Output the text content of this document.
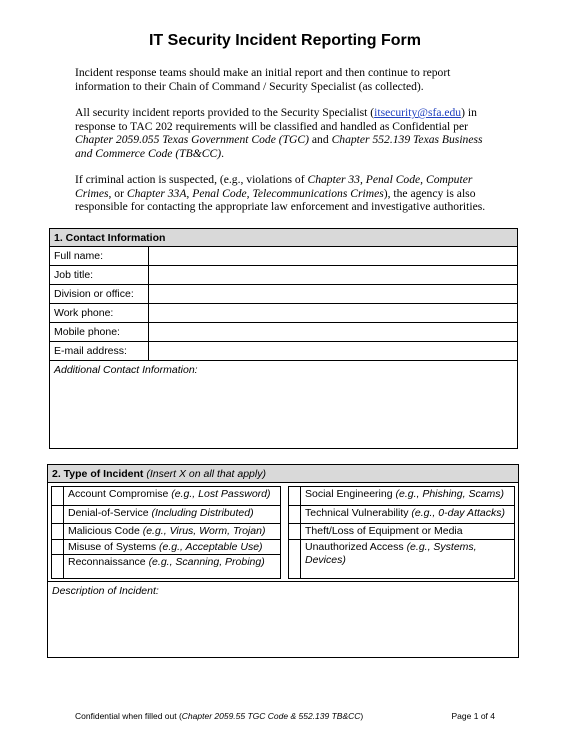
IT Security Incident Reporting Form

Incident response teams should make an initial report and then continue to report information to their Chain of Command / Security Specialist (as collected).

All security incident reports provided to the Security Specialist (itsecurity@sfa.edu) in response to TAC 202 requirements will be classified and handled as Confidential per Chapter 2059.055 Texas Government Code (TGC) and Chapter 552.139 Texas Business and Commerce Code (TB&CC).

If criminal action is suspected, (e.g., violations of Chapter 33, Penal Code, Computer Crimes, or Chapter 33A, Penal Code, Telecommunications Crimes), the agency is also responsible for contacting the appropriate law enforcement and investigative authorities.

1. Contact Information
Full name:
Job title:
Division or office:
Work phone:
Mobile phone:
E-mail address:
Additional Contact Information:
2. Type of Incident (Insert X on all that apply)
Account Compromise (e.g., Lost Password)
Denial-of-Service (Including Distributed)
Malicious Code (e.g., Virus, Worm, Trojan)
Misuse of Systems (e.g., Acceptable Use)
Reconnaissance (e.g., Scanning, Probing)
Social Engineering (e.g., Phishing, Scams)
Technical Vulnerability (e.g., 0-day Attacks)
Theft/Loss of Equipment or Media
Unauthorized Access (e.g., Systems, Devices)
Description of Incident:
Confidential when filled out (Chapter 2059.55 TGC Code & 552.139 TB&CC)	Page 1 of 4
